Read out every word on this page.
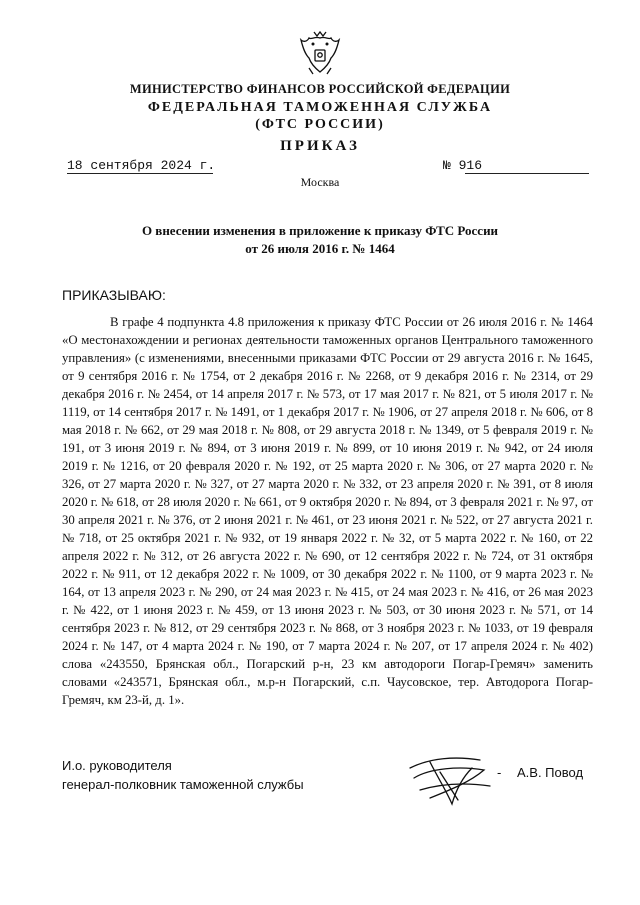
МИНИСТЕРСТВО ФИНАНСОВ РОССИЙСКОЙ ФЕДЕРАЦИИ
ФЕДЕРАЛЬНАЯ ТАМОЖЕННАЯ СЛУЖБА
(ФТС РОССИИ)
ПРИКАЗ
18 сентября 2024 г.	№ 916
Москва
О внесении изменения в приложение к приказу ФТС России
от 26 июля 2016 г. № 1464
ПРИКАЗЫВАЮ:
В графе 4 подпункта 4.8 приложения к приказу ФТС России от 26 июля 2016 г. № 1464 «О местонахождении и регионах деятельности таможенных органов Центрального таможенного управления» (с изменениями, внесенными приказами ФТС России от 29 августа 2016 г. № 1645, от 9 сентября 2016 г. № 1754, от 2 декабря 2016 г. № 2268, от 9 декабря 2016 г. № 2314, от 29 декабря 2016 г. № 2454, от 14 апреля 2017 г. № 573, от 17 мая 2017 г. № 821, от 5 июля 2017 г. № 1119, от 14 сентября 2017 г. № 1491, от 1 декабря 2017 г. № 1906, от 27 апреля 2018 г. № 606, от 8 мая 2018 г. № 662, от 29 мая 2018 г. № 808, от 29 августа 2018 г. № 1349, от 5 февраля 2019 г. № 191, от 3 июня 2019 г. № 894, от 3 июня 2019 г. № 899, от 10 июня 2019 г. № 942, от 24 июля 2019 г. № 1216, от 20 февраля 2020 г. № 192, от 25 марта 2020 г. № 306, от 27 марта 2020 г. № 326, от 27 марта 2020 г. № 327, от 27 марта 2020 г. № 332, от 23 апреля 2020 г. № 391, от 8 июля 2020 г. № 618, от 28 июля 2020 г. № 661, от 9 октября 2020 г. № 894, от 3 февраля 2021 г. № 97, от 30 апреля 2021 г. № 376, от 2 июня 2021 г. № 461, от 23 июня 2021 г. № 522, от 27 августа 2021 г. № 718, от 25 октября 2021 г. № 932, от 19 января 2022 г. № 32, от 5 марта 2022 г. № 160, от 22 апреля 2022 г. № 312, от 26 августа 2022 г. № 690, от 12 сентября 2022 г. № 724, от 31 октября 2022 г. № 911, от 12 декабря 2022 г. № 1009, от 30 декабря 2022 г. № 1100, от 9 марта 2023 г. № 164, от 13 апреля 2023 г. № 290, от 24 мая 2023 г. № 415, от 24 мая 2023 г. № 416, от 26 мая 2023 г. № 422, от 1 июня 2023 г. № 459, от 13 июня 2023 г. № 503, от 30 июня 2023 г. № 571, от 14 сентября 2023 г. № 812, от 29 сентября 2023 г. № 868, от 3 ноября 2023 г. № 1033, от 19 февраля 2024 г. № 147, от 4 марта 2024 г. № 190, от 7 марта 2024 г. № 207, от 17 апреля 2024 г. № 402) слова «243550, Брянская обл., Погарский р-н, 23 км автодороги Погар-Гремяч» заменить словами «243571, Брянская обл., м.р-н Погарский, с.п. Чаусовское, тер. Автодорога Погар-Гремяч, км 23-й, д. 1».
И.о. руководителя
генерал-полковник таможенной службы
- А.В. Повод
